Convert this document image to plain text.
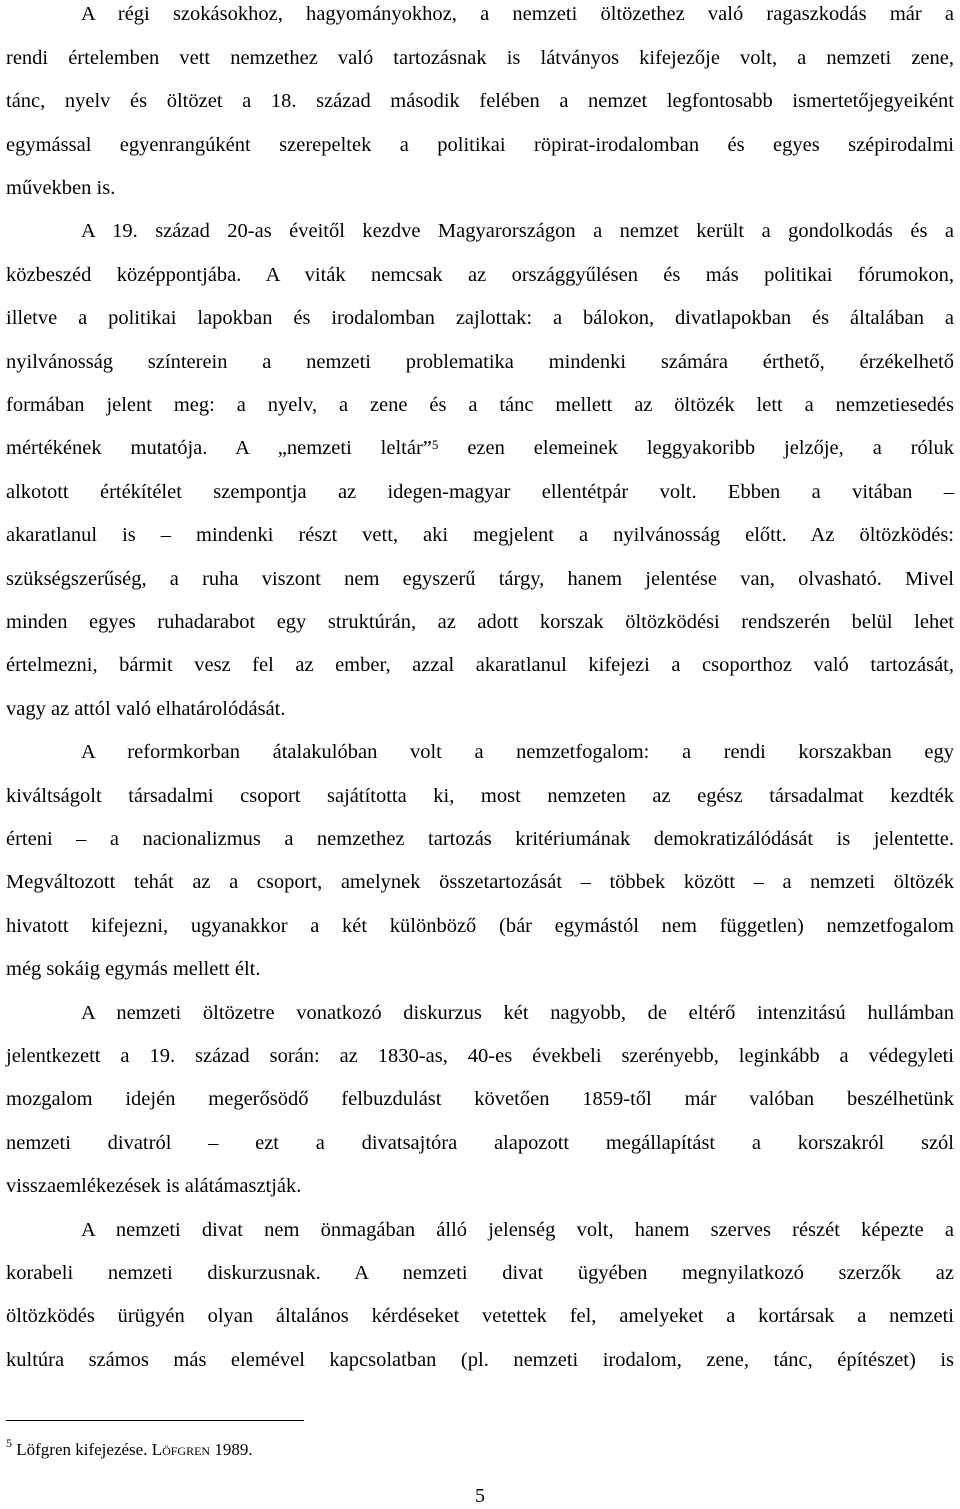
A régi szokásokhoz, hagyományokhoz, a nemzeti öltözethez való ragaszkodás már a
rendi értelemben vett nemzethez való tartozásnak is látványos kifejezője volt, a nemzeti zene,
tánc, nyelv és öltözet a 18. század második felében a nemzet legfontosabb ismertetőjegyeiként
egymással egyenrangúként szerepeltek a politikai röpirat-irodalomban és egyes szépirodalmi
művekben is.
A 19. század 20-as éveitől kezdve Magyarországon a nemzet került a gondolkodás és a
közbeszéd középpontjába. A viták nemcsak az országgyűlésen és más politikai fórumokon,
illetve a politikai lapokban és irodalomban zajlottak: a bálokon, divatlapokban és általában a
nyilvánosság színterein a nemzeti problematika mindenki számára érthető, érzékelhető
formában jelent meg: a nyelv, a zene és a tánc mellett az öltözék lett a nemzetiesedés
mértékének mutatója. A „nemzeti leltár”$^5$ ezen elemeinek leggyakoribb jelzője, a róluk
alkotott értékítélet szempontja az idegen-magyar ellentétpár volt. Ebben a vitában –
akaratlanul is – mindenki részt vett, aki megjelent a nyilvánosság előtt. Az öltözködés:
szükségszerűség, a ruha viszont nem egyszerű tárgy, hanem jelentése van, olvasható. Mivel
minden egyes ruhadarabot egy struktúrán, az adott korszak öltözködési rendszerén belül lehet
értelmezni, bármit vesz fel az ember, azzal akaratlanul kifejezi a csoporthoz való tartozását,
vagy az attól való elhatárolódását.
A reformkorban átalakulóban volt a nemzetfogalom: a rendi korszakban egy
kiváltságolt társadalmi csoport sajátította ki, most nemzeten az egész társadalmat kezdték
érteni – a nacionalizmus a nemzethez tartozás kritériumának demokratizálódását is jelentette.
Megváltozott tehát az a csoport, amelynek összetartozását – többek között – a nemzeti öltözék
hivatott kifejezni, ugyanakkor a két különböző (bár egymástól nem független) nemzetfogalom
még sokáig egymás mellett élt.
A nemzeti öltözetre vonatkozó diskurzus két nagyobb, de eltérő intenzitású hullámban
jelentkezett a 19. század során: az 1830-as, 40-es évekbeli szerényebb, leginkább a védegyleti
mozgalom idején megerősödő felbuzdulást követően 1859-től már valóban beszélhetünk
nemzeti divatról – ezt a divatsajtóra alapozott megállapítást a korszakról szól
visszaemlékezések is alátámasztják.
A nemzeti divat nem önmagában álló jelenség volt, hanem szerves részét képezte a
korabeli nemzeti diskurzusnak. A nemzeti divat ügyében megnyilatkozó szerzők az
öltözködés ürügyén olyan általános kérdéseket vetettek fel, amelyeket a kortársak a nemzeti
kultúra számos más elemével kapcsolatban (pl. nemzeti irodalom, zene, tánc, építészet) is
$^5$ Löfgren kifejezése. Löfgren 1989.
5
